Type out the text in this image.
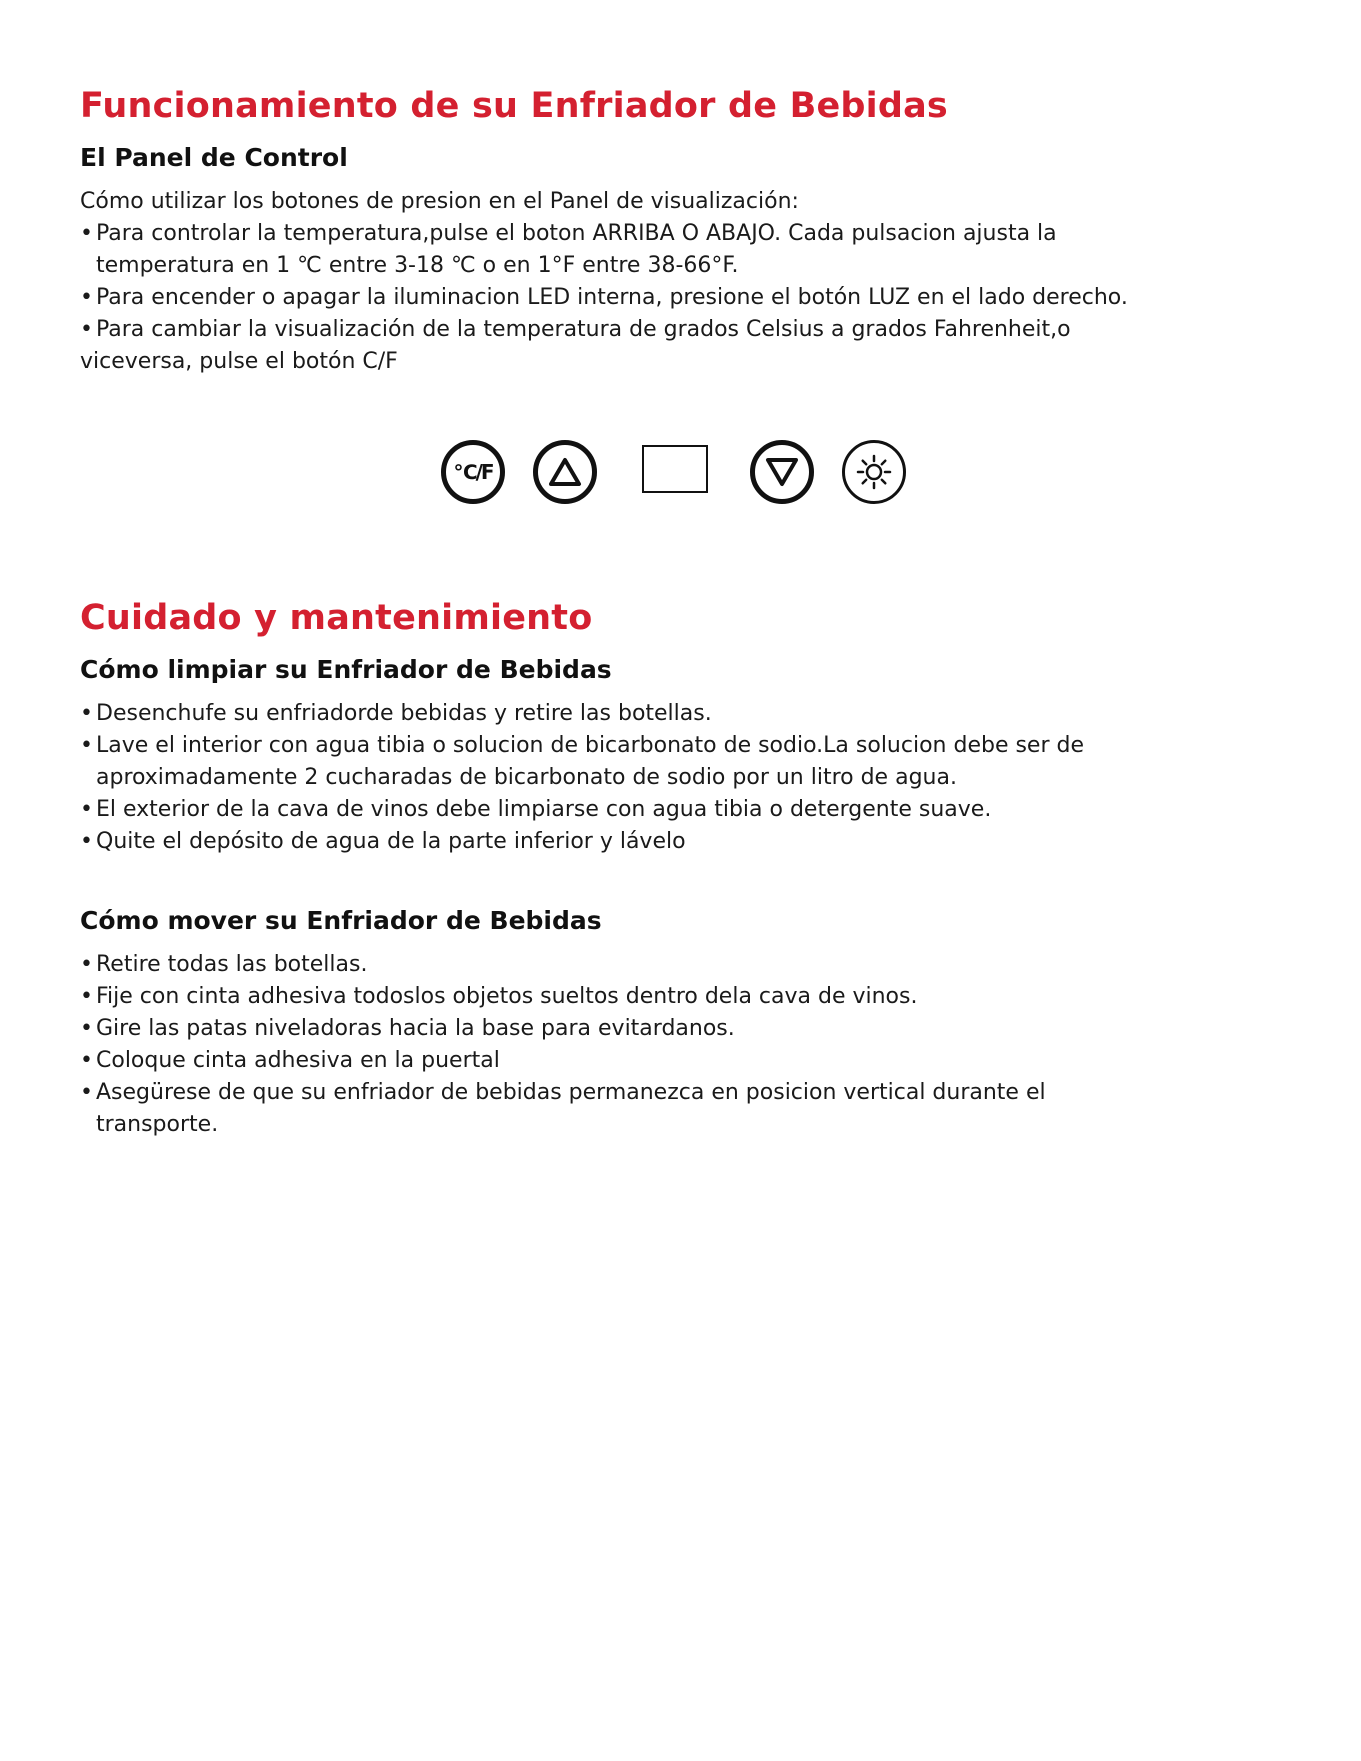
Funcionamiento de su Enfriador de Bebidas
El Panel de Control
Cómo utilizar los botones de presion en el Panel de visualización:
• Para controlar la temperatura,pulse el boton ARRIBA O ABAJO. Cada pulsacion ajusta la
temperatura en 1 ℃ entre 3-18 ℃ o en 1°F entre 38-66°F.
• Para encender o apagar la iluminacion LED interna, presione el botón LUZ en el lado derecho.
• Para cambiar la visualización de la temperatura de grados Celsius a grados Fahrenheit,o
viceversa, pulse el botón C/F
℃/F
Cuidado y mantenimiento
Cómo limpiar su Enfriador de Bebidas
• Desenchufe su enfriadorde bebidas y retire las botellas.
• Lave el interior con agua tibia o solucion de bicarbonato de sodio.La solucion debe ser de
aproximadamente 2 cucharadas de bicarbonato de sodio por un litro de agua.
• El exterior de la cava de vinos debe limpiarse con agua tibia o detergente suave.
• Quite el depósito de agua de la parte inferior y lávelo
Cómo mover su Enfriador de Bebidas
• Retire todas las botellas.
• Fije con cinta adhesiva todoslos objetos sueltos dentro dela cava de vinos.
• Gire las patas niveladoras hacia la base para evitardanos.
• Coloque cinta adhesiva en la puertal
• Asegürese de que su enfriador de bebidas permanezca en posicion vertical durante el
transporte.
